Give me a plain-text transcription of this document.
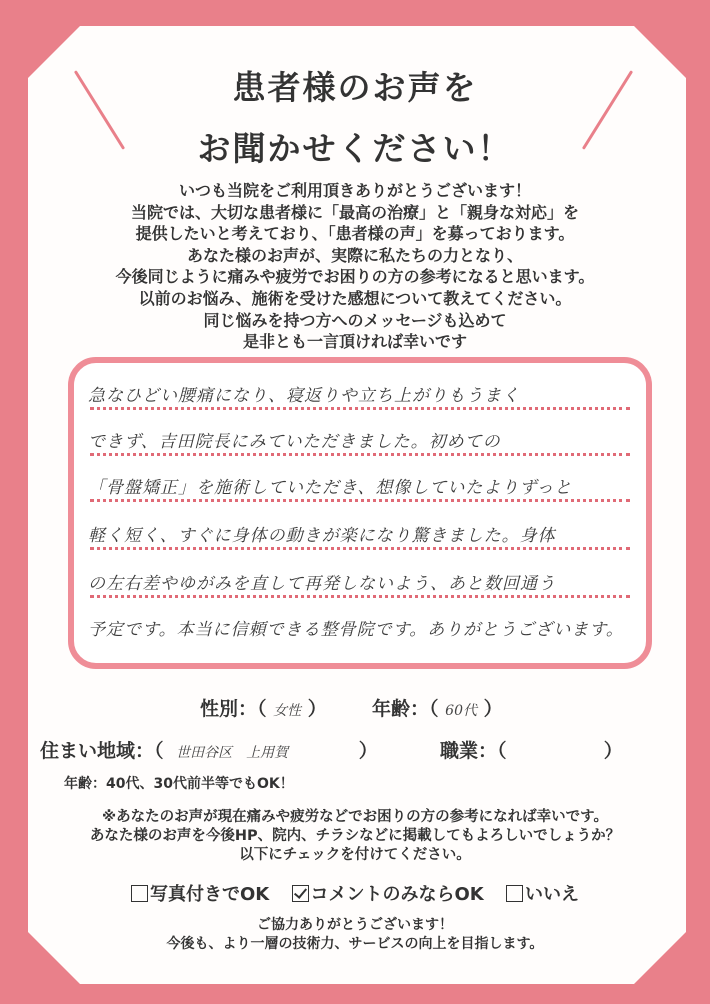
患者様のお声を
お聞かせください！
いつも当院をご利用頂きありがとうございます！
当院では、大切な患者様に「最高の治療」と「親身な対応」を
提供したいと考えており、「患者様の声」を募っております。
あなた様のお声が、実際に私たちの力となり、
今後同じように痛みや疲労でお困りの方の参考になると思います。
以前のお悩み、施術を受けた感想について教えてください。
同じ悩みを持つ方へのメッセージも込めて
是非とも一言頂ければ幸いです
急なひどい腰痛になり、寝返りや立ち上がりもうまく
できず、吉田院長にみていただきました。初めての
「骨盤矯正」を施術していただき、想像していたよりずっと
軽く短く、すぐに身体の動きが楽になり驚きました。身体
の左右差やゆがみを直して再発しないよう、あと数回通う
予定です。本当に信頼できる整骨院です。ありがとうございます。
性別：（ 女性 ） 年齢：（ 60代 ）
住まい地域：（ 世田谷区　上用賀	）	職業：（	）
年齢：40代、30代前半等でもOK！
※あなたのお声が現在痛みや疲労などでお困りの方の参考になれば幸いです。
あなた様のお声を今後HP、院内、チラシなどに掲載してもよろしいでしょうか？
以下にチェックを付けてください。
写真付きでOK コメントのみならOK いいえ
ご協力ありがとうございます！
今後も、より一層の技術力、サービスの向上を目指します。
